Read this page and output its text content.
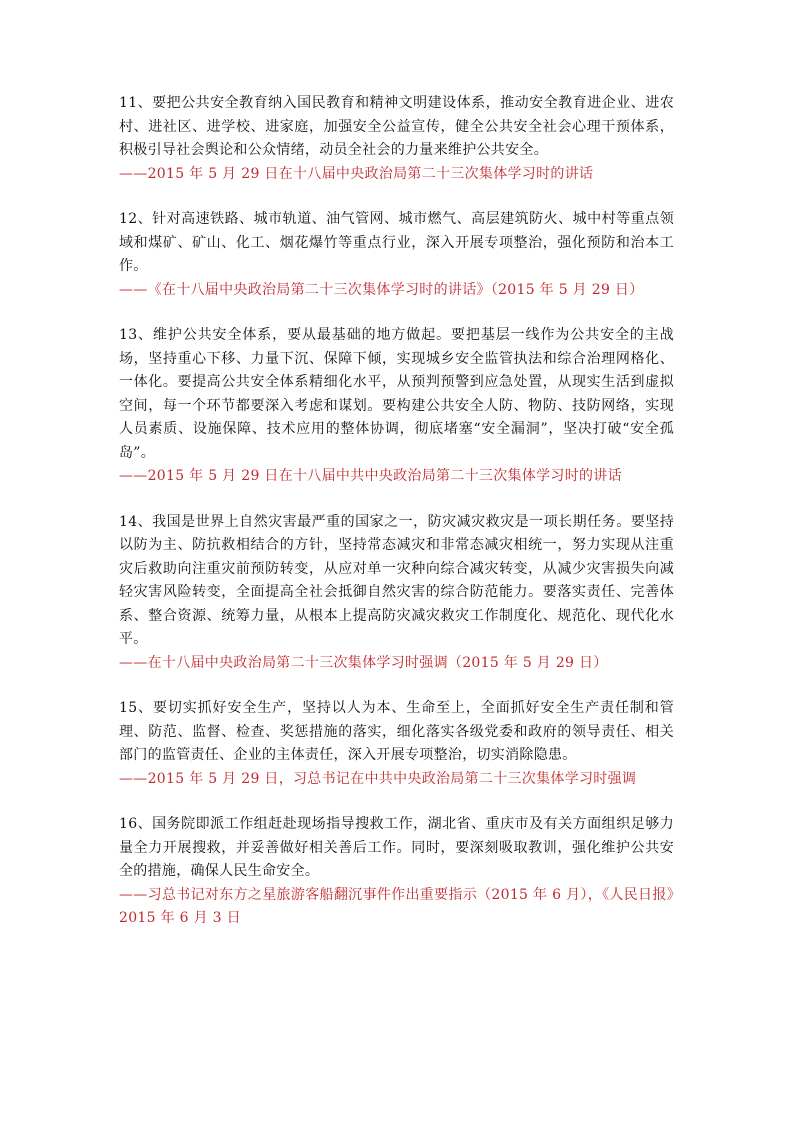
11、要把公共安全教育纳入国民教育和精神文明建设体系，推动安全教育进企业、进农村、进社区、进学校、进家庭，加强安全公益宣传，健全公共安全社会心理干预体系，积极引导社会舆论和公众情绪，动员全社会的力量来维护公共安全。

——2015 年 5 月 29 日在十八届中央政治局第二十三次集体学习时的讲话

12、针对高速铁路、城市轨道、油气管网、城市燃气、高层建筑防火、城中村等重点领域和煤矿、矿山、化工、烟花爆竹等重点行业，深入开展专项整治，强化预防和治本工作。

——《在十八届中央政治局第二十三次集体学习时的讲话》（2015 年 5 月 29 日）

13、维护公共安全体系，要从最基础的地方做起。要把基层一线作为公共安全的主战场，坚持重心下移、力量下沉、保障下倾，实现城乡安全监管执法和综合治理网格化、一体化。要提高公共安全体系精细化水平，从预判预警到应急处置，从现实生活到虚拟空间，每一个环节都要深入考虑和谋划。要构建公共安全人防、物防、技防网络，实现人员素质、设施保障、技术应用的整体协调，彻底堵塞“安全漏洞”，坚决打破“安全孤岛”。

——2015 年 5 月 29 日在十八届中共中央政治局第二十三次集体学习时的讲话

14、我国是世界上自然灾害最严重的国家之一，防灾减灾救灾是一项长期任务。要坚持以防为主、防抗救相结合的方针，坚持常态减灾和非常态减灾相统一，努力实现从注重灾后救助向注重灾前预防转变，从应对单一灾种向综合减灾转变，从减少灾害损失向减轻灾害风险转变，全面提高全社会抵御自然灾害的综合防范能力。要落实责任、完善体系、整合资源、统筹力量，从根本上提高防灾减灾救灾工作制度化、规范化、现代化水平。

——在十八届中央政治局第二十三次集体学习时强调（2015 年 5 月 29 日）

15、要切实抓好安全生产，坚持以人为本、生命至上，全面抓好安全生产责任制和管理、防范、监督、检查、奖惩措施的落实，细化落实各级党委和政府的领导责任、相关部门的监管责任、企业的主体责任，深入开展专项整治，切实消除隐患。

——2015 年 5 月 29 日，习总书记在中共中央政治局第二十三次集体学习时强调

16、国务院即派工作组赶赴现场指导搜救工作，湖北省、重庆市及有关方面组织足够力量全力开展搜救，并妥善做好相关善后工作。同时，要深刻吸取教训，强化维护公共安全的措施，确保人民生命安全。

——习总书记对东方之星旅游客船翻沉事件作出重要指示（2015 年 6 月），《人民日报》2015 年 6 月 3 日
